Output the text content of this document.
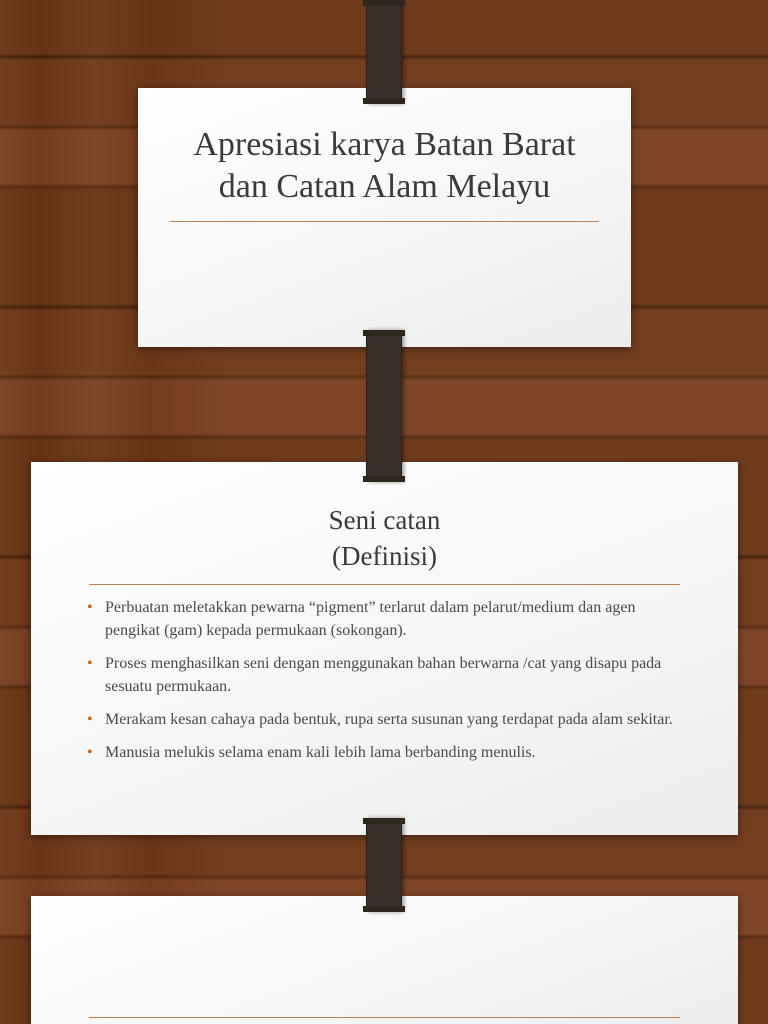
Apresiasi karya Batan Barat
dan Catan Alam Melayu
Seni catan
(Definisi)
• Perbuatan meletakkan pewarna “pigment” terlarut dalam pelarut/medium dan agen pengikat (gam) kepada permukaan (sokongan).
• Proses menghasilkan seni dengan menggunakan bahan berwarna /cat yang disapu pada sesuatu permukaan.
• Merakam kesan cahaya pada bentuk, rupa serta susunan yang terdapat pada alam sekitar.
• Manusia melukis selama enam kali lebih lama berbanding menulis.
